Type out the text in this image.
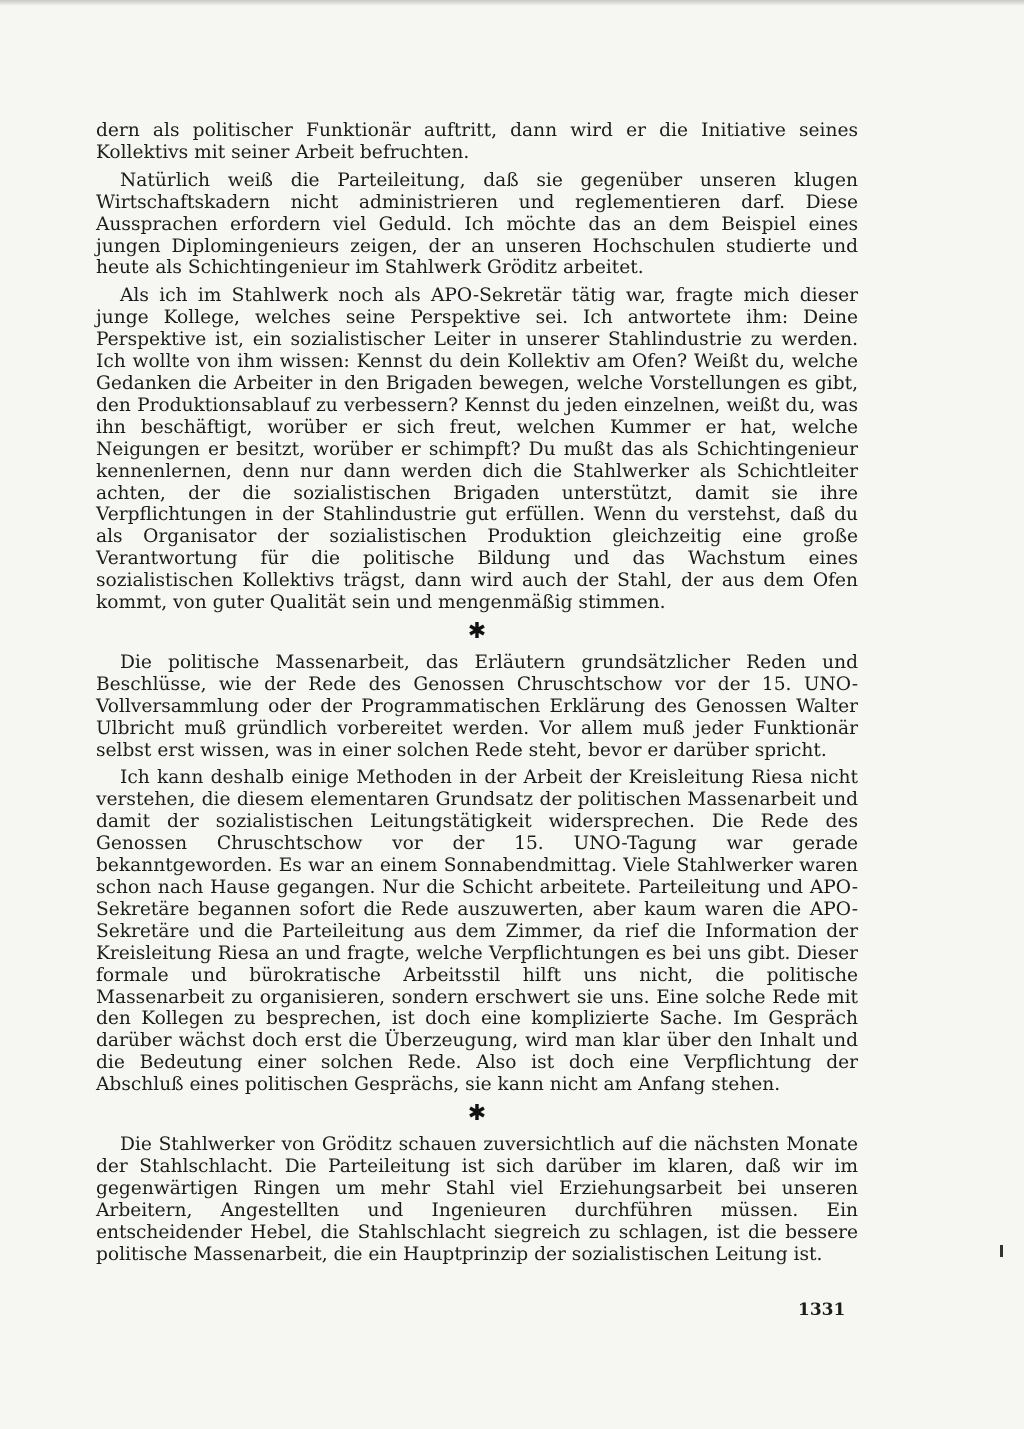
dern als politischer Funktionär auftritt, dann wird er die Initiative seines Kollektivs mit seiner Arbeit befruchten.

Natürlich weiß die Parteileitung, daß sie gegenüber unseren klugen Wirtschaftskadern nicht administrieren und reglementieren darf. Diese Aussprachen erfordern viel Geduld. Ich möchte das an dem Beispiel eines jungen Diplomingenieurs zeigen, der an unseren Hochschulen studierte und heute als Schichtingenieur im Stahlwerk Gröditz arbeitet.

Als ich im Stahlwerk noch als APO-Sekretär tätig war, fragte mich dieser junge Kollege, welches seine Perspektive sei. Ich antwortete ihm: Deine Perspektive ist, ein sozialistischer Leiter in unserer Stahlindustrie zu werden. Ich wollte von ihm wissen: Kennst du dein Kollektiv am Ofen? Weißt du, welche Gedanken die Arbeiter in den Brigaden bewegen, welche Vorstellungen es gibt, den Produktionsablauf zu verbessern? Kennst du jeden einzelnen, weißt du, was ihn beschäftigt, worüber er sich freut, welchen Kummer er hat, welche Neigungen er besitzt, worüber er schimpft? Du mußt das als Schichtingenieur kennenlernen, denn nur dann werden dich die Stahlwerker als Schichtleiter achten, der die sozialistischen Brigaden unterstützt, damit sie ihre Verpflichtungen in der Stahlindustrie gut erfüllen. Wenn du verstehst, daß du als Organisator der sozialistischen Produktion gleichzeitig eine große Verantwortung für die politische Bildung und das Wachstum eines sozialistischen Kollektivs trägst, dann wird auch der Stahl, der aus dem Ofen kommt, von guter Qualität sein und mengenmäßig stimmen.

✱

Die politische Massenarbeit, das Erläutern grundsätzlicher Reden und Beschlüsse, wie der Rede des Genossen Chruschtschow vor der 15. UNO-Vollversammlung oder der Programmatischen Erklärung des Genossen Walter Ulbricht muß gründlich vorbereitet werden. Vor allem muß jeder Funktionär selbst erst wissen, was in einer solchen Rede steht, bevor er darüber spricht.

Ich kann deshalb einige Methoden in der Arbeit der Kreisleitung Riesa nicht verstehen, die diesem elementaren Grundsatz der politischen Massenarbeit und damit der sozialistischen Leitungstätigkeit widersprechen. Die Rede des Genossen Chruschtschow vor der 15. UNO-Tagung war gerade bekanntgeworden. Es war an einem Sonnabendmittag. Viele Stahlwerker waren schon nach Hause gegangen. Nur die Schicht arbeitete. Parteileitung und APO-Sekretäre begannen sofort die Rede auszuwerten, aber kaum waren die APO-Sekretäre und die Parteileitung aus dem Zimmer, da rief die Information der Kreisleitung Riesa an und fragte, welche Verpflichtungen es bei uns gibt. Dieser formale und bürokratische Arbeitsstil hilft uns nicht, die politische Massenarbeit zu organisieren, sondern erschwert sie uns. Eine solche Rede mit den Kollegen zu besprechen, ist doch eine komplizierte Sache. Im Gespräch darüber wächst doch erst die Überzeugung, wird man klar über den Inhalt und die Bedeutung einer solchen Rede. Also ist doch eine Verpflichtung der Abschluß eines politischen Gesprächs, sie kann nicht am Anfang stehen.

✱

Die Stahlwerker von Gröditz schauen zuversichtlich auf die nächsten Monate der Stahlschlacht. Die Parteileitung ist sich darüber im klaren, daß wir im gegenwärtigen Ringen um mehr Stahl viel Erziehungsarbeit bei unseren Arbeitern, Angestellten und Ingenieuren durchführen müssen. Ein entscheidender Hebel, die Stahlschlacht siegreich zu schlagen, ist die bessere politische Massenarbeit, die ein Hauptprinzip der sozialistischen Leitung ist.

1331
